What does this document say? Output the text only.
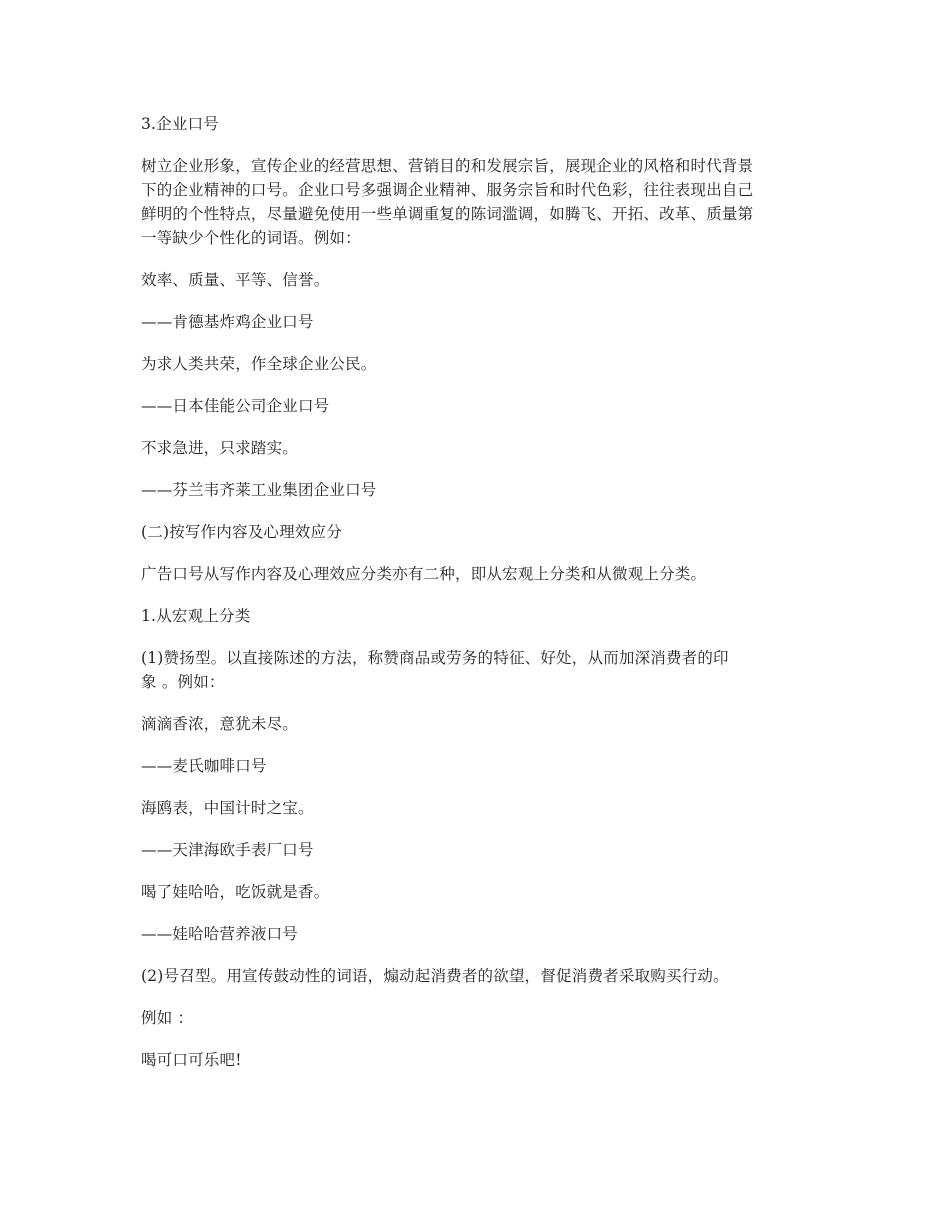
3.企业口号

树立企业形象，宣传企业的经营思想、营销目的和发展宗旨，展现企业的风格和时代背景
下的企业精神的口号。企业口号多强调企业精神、服务宗旨和时代色彩，往往表现出自己
鲜明的个性特点，尽量避免使用一些单调重复的陈词滥调，如腾飞、开拓、改革、质量第
一等缺少个性化的词语。例如：

效率、质量、平等、信誉。

——肯德基炸鸡企业口号

为求人类共荣，作全球企业公民。

——日本佳能公司企业口号

不求急进，只求踏实。

——芬兰韦齐莱工业集团企业口号

(二)按写作内容及心理效应分

广告口号从写作内容及心理效应分类亦有二种，即从宏观上分类和从微观上分类。

1.从宏观上分类

(1)赞扬型。以直接陈述的方法，称赞商品或劳务的特征、好处，从而加深消费者的印
象 。例如：

滴滴香浓，意犹未尽。

——麦氏咖啡口号

海鸥表，中国计时之宝。

——天津海欧手表厂口号

喝了娃哈哈，吃饭就是香。

——娃哈哈营养液口号

(2)号召型。用宣传鼓动性的词语，煽动起消费者的欲望，督促消费者采取购买行动。

例如 ：

喝可口可乐吧!
